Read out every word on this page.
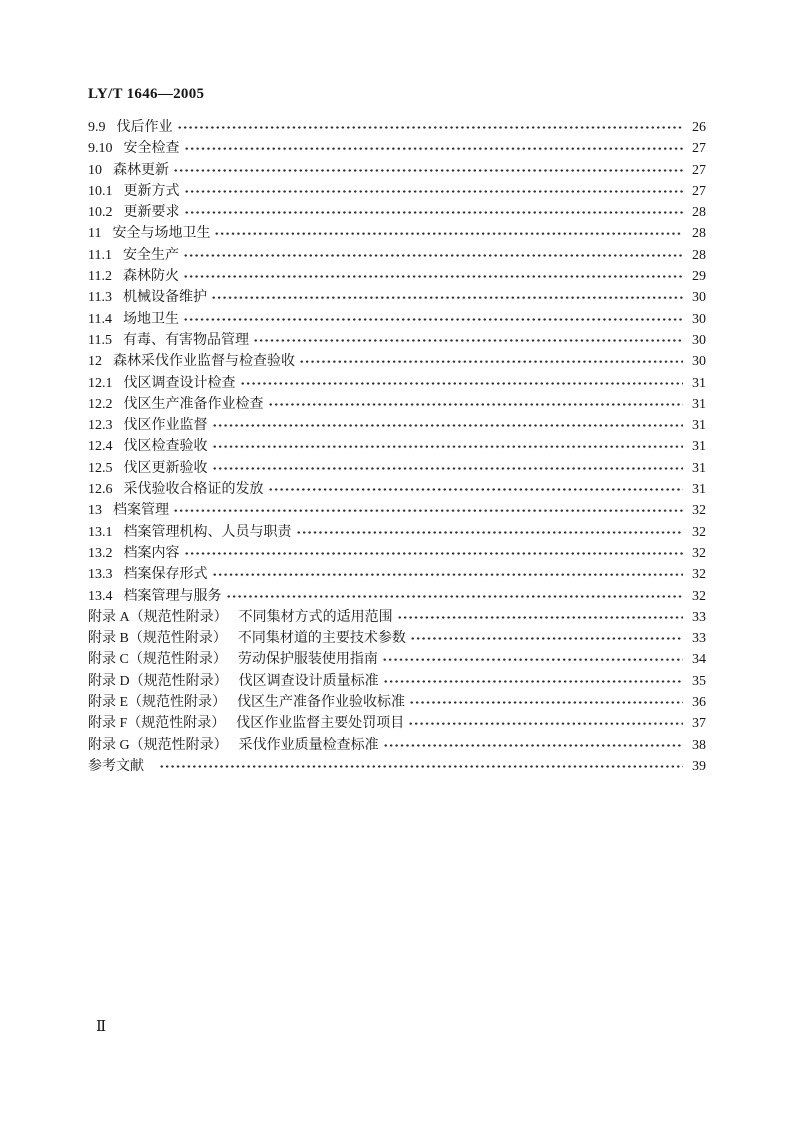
LY/T 1646—2005
9.9 伐后作业	26
9.10 安全检查	27
10 森林更新	27
10.1 更新方式	27
10.2 更新要求	28
11 安全与场地卫生	28
11.1 安全生产	28
11.2 森林防火	29
11.3 机械设备维护	30
11.4 场地卫生	30
11.5 有毒、有害物品管理	30
12 森林采伐作业监督与检查验收	30
12.1 伐区调查设计检查	31
12.2 伐区生产准备作业检查	31
12.3 伐区作业监督	31
12.4 伐区检查验收	31
12.5 伐区更新验收	31
12.6 采伐验收合格证的发放	31
13 档案管理	32
13.1 档案管理机构、人员与职责	32
13.2 档案内容	32
13.3 档案保存形式	32
13.4 档案管理与服务	32
附录 A（规范性附录） 不同集材方式的适用范围	33
附录 B（规范性附录） 不同集材道的主要技术参数	33
附录 C（规范性附录） 劳动保护服装使用指南	34
附录 D（规范性附录） 伐区调查设计质量标准	35
附录 E（规范性附录） 伐区生产准备作业验收标准	36
附录 F（规范性附录） 伐区作业监督主要处罚项目	37
附录 G（规范性附录） 采伐作业质量检查标准	38
参考文献	39
Ⅱ
